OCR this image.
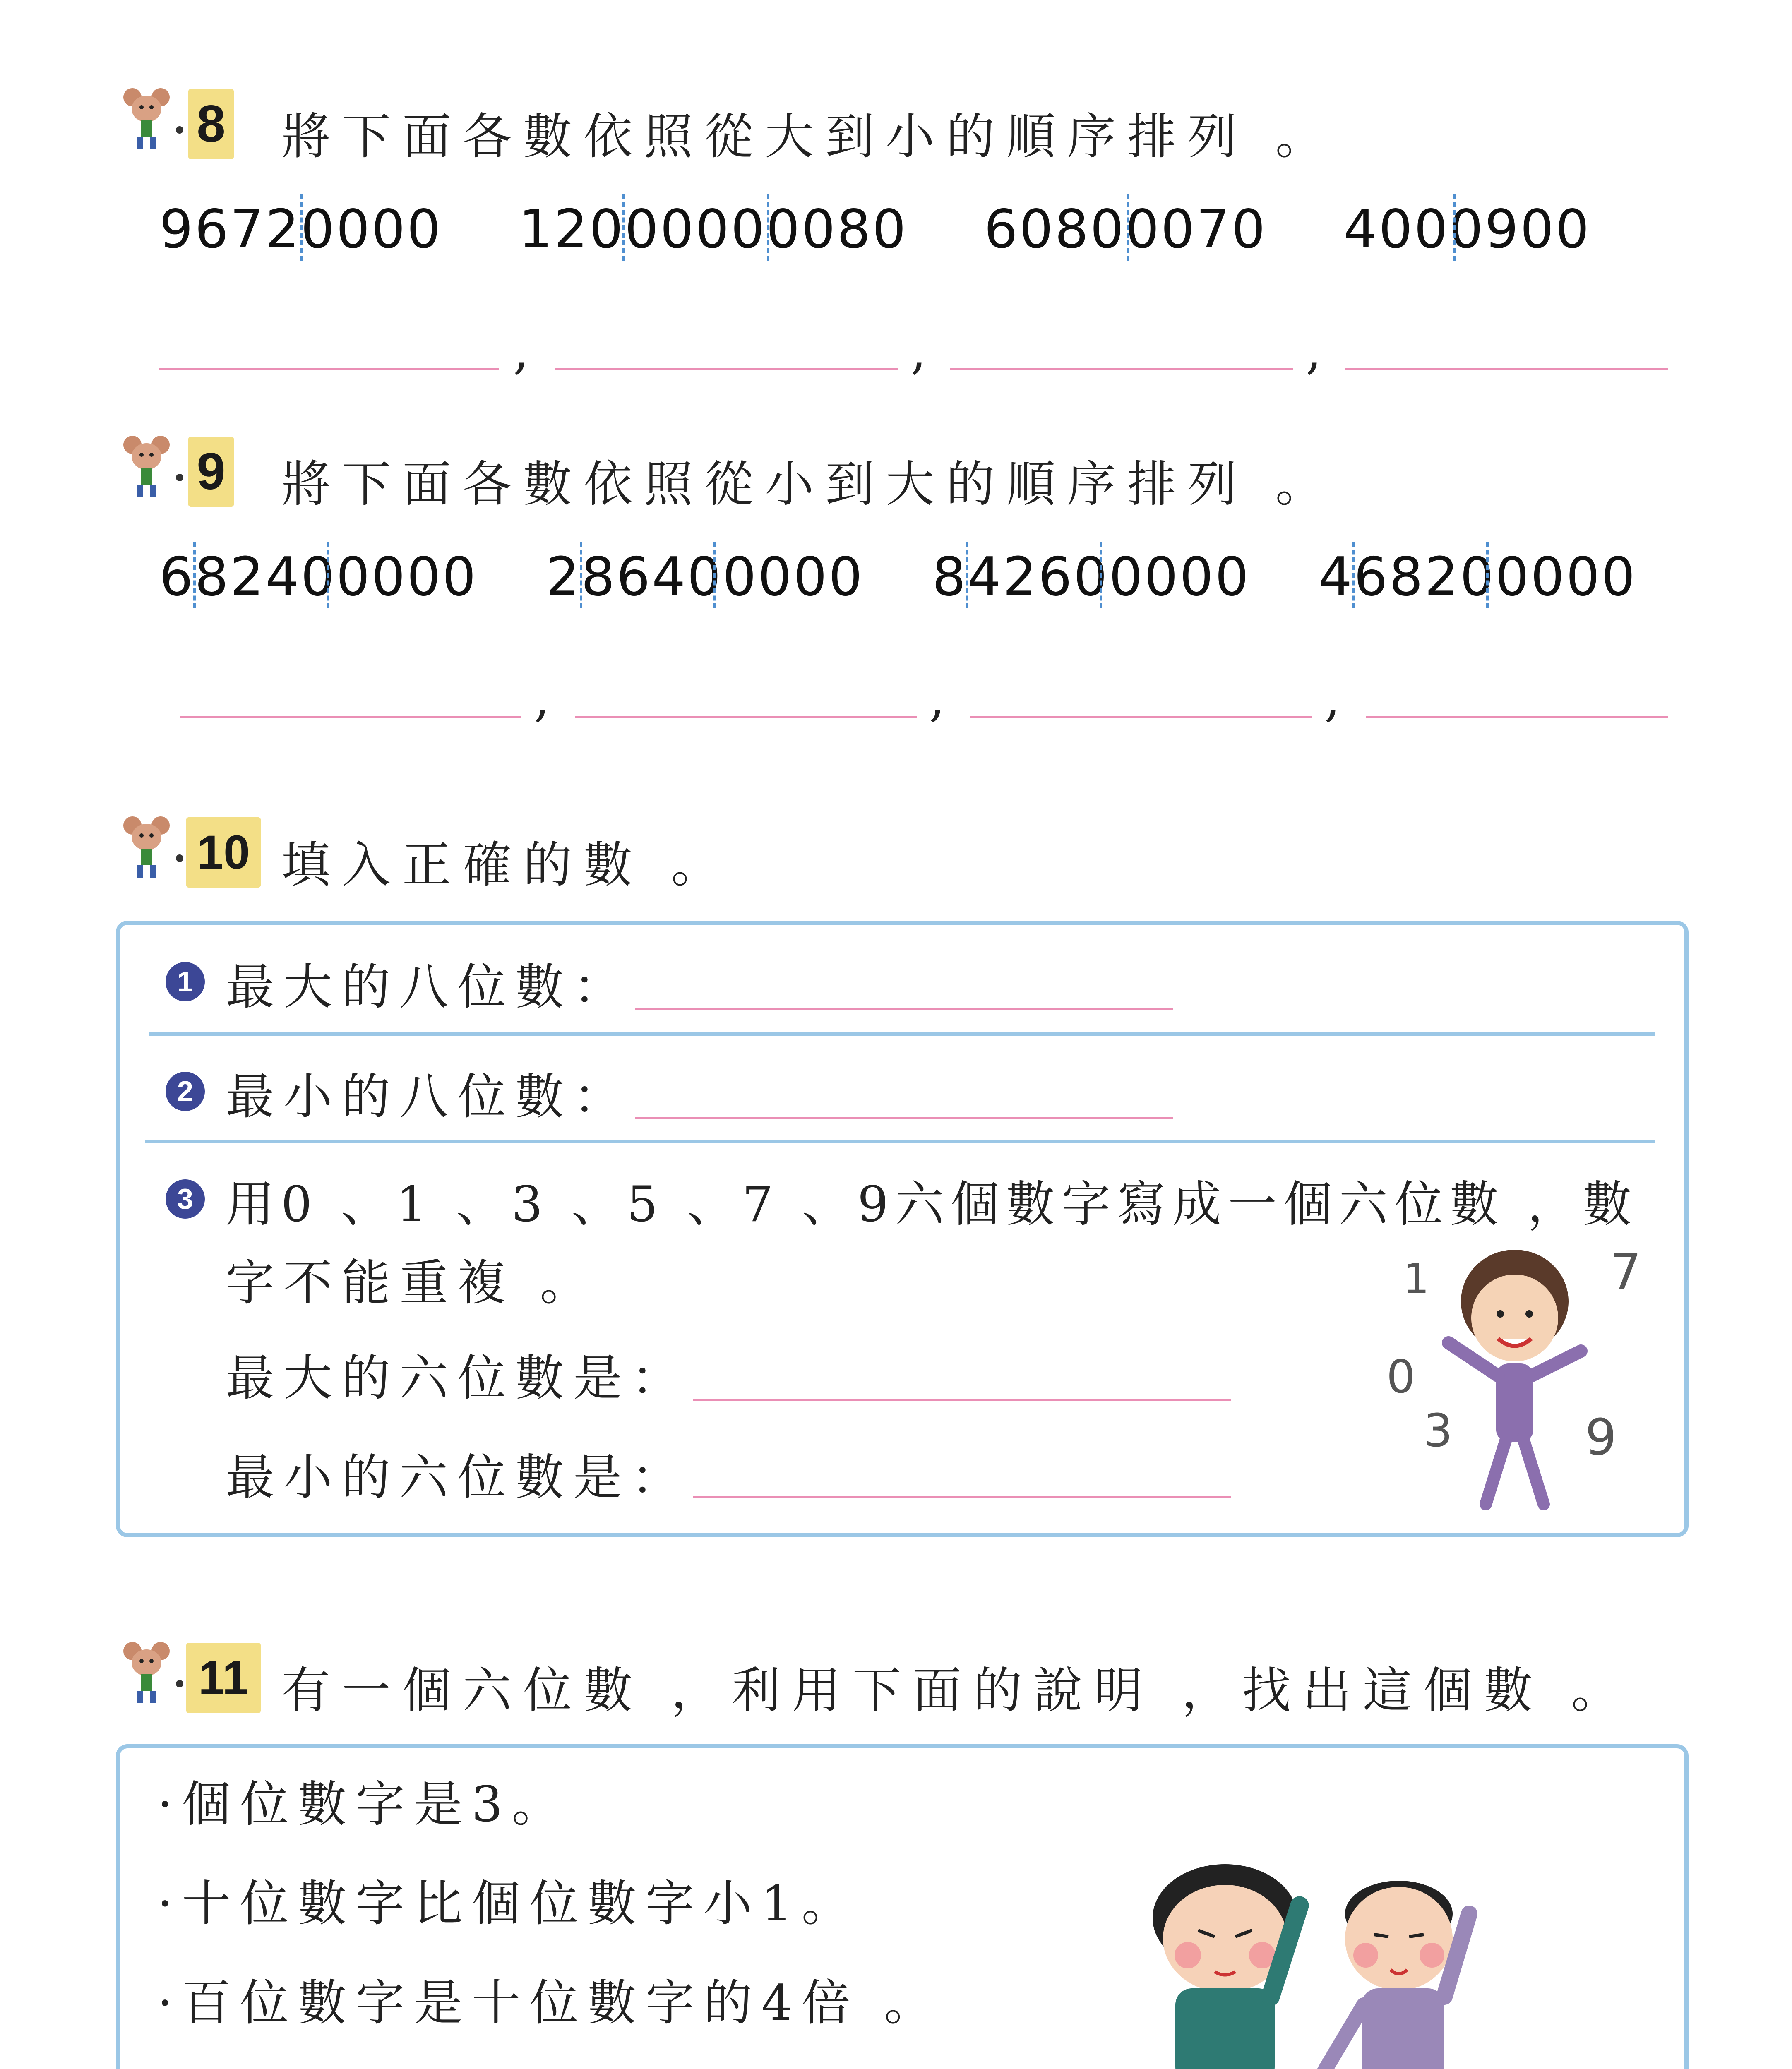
8 將下面各數依照從大到小的順序排列 。
96720000 12000000080 60800070 4000900
,	,	,
9 將下面各數依照從小到大的順序排列 。
682400000 286400000 842600000 468200000
,	,	,
10 填入正確的數 。
1 最大的八位數：
2 最小的八位數：
3 用0 、1 、3 、5 、7 、9六個數字寫成一個六位數 ，數
字不能重複 。
最大的六位數是：
最小的六位數是：
1	7
0
3	9
11 有一個六位數 ，利用下面的說明 ，找出這個數 。
·個位數字是3。
·十位數字比個位數字小1。
·百位數字是十位數字的4倍 。
